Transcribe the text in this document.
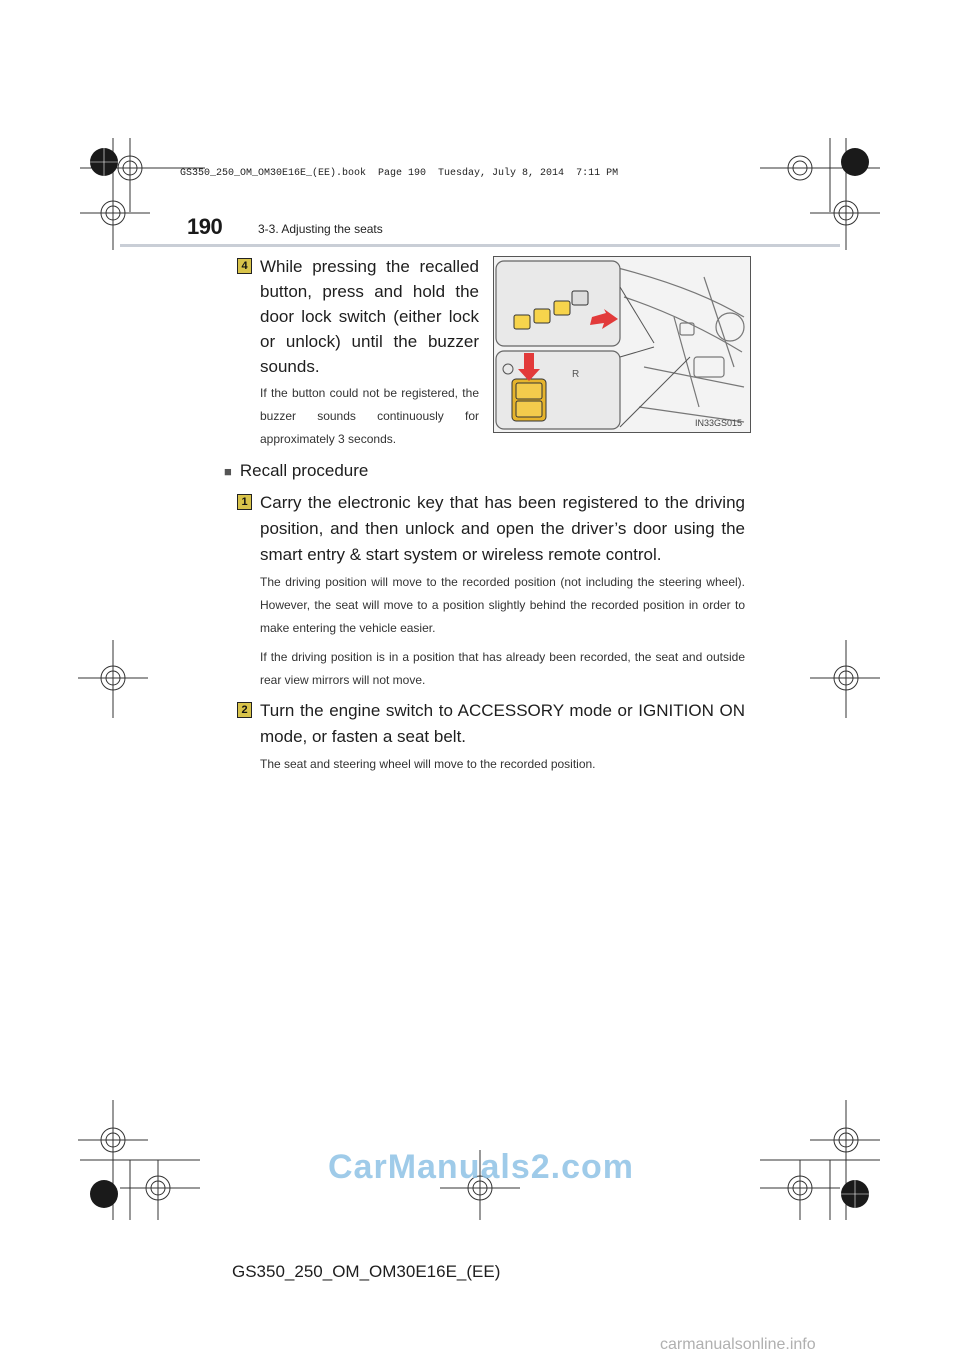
GS350_250_OM_OM30E16E_(EE).book  Page 190  Tuesday, July 8, 2014  7:11 PM
190	3-3. Adjusting the seats
4 While pressing the recalled button, press and hold the door lock switch (either lock or unlock) until the buzzer sounds.
If the button could not be registered, the buzzer sounds continuously for approximately 3 seconds.
R
IN33GS015
■ Recall procedure
1 Carry the electronic key that has been registered to the driving position, and then unlock and open the driver’s door using the smart entry & start system or wireless remote control.
The driving position will move to the recorded position (not including the steering wheel). However, the seat will move to a position slightly behind the recorded position in order to make entering the vehicle easier.
If the driving position is in a position that has already been recorded, the seat and outside rear view mirrors will not move.
2 Turn the engine switch to ACCESSORY mode or IGNITION ON mode, or fasten a seat belt.
The seat and steering wheel will move to the recorded position.
CarManuals2.com
GS350_250_OM_OM30E16E_(EE)
carmanualsonline.info
